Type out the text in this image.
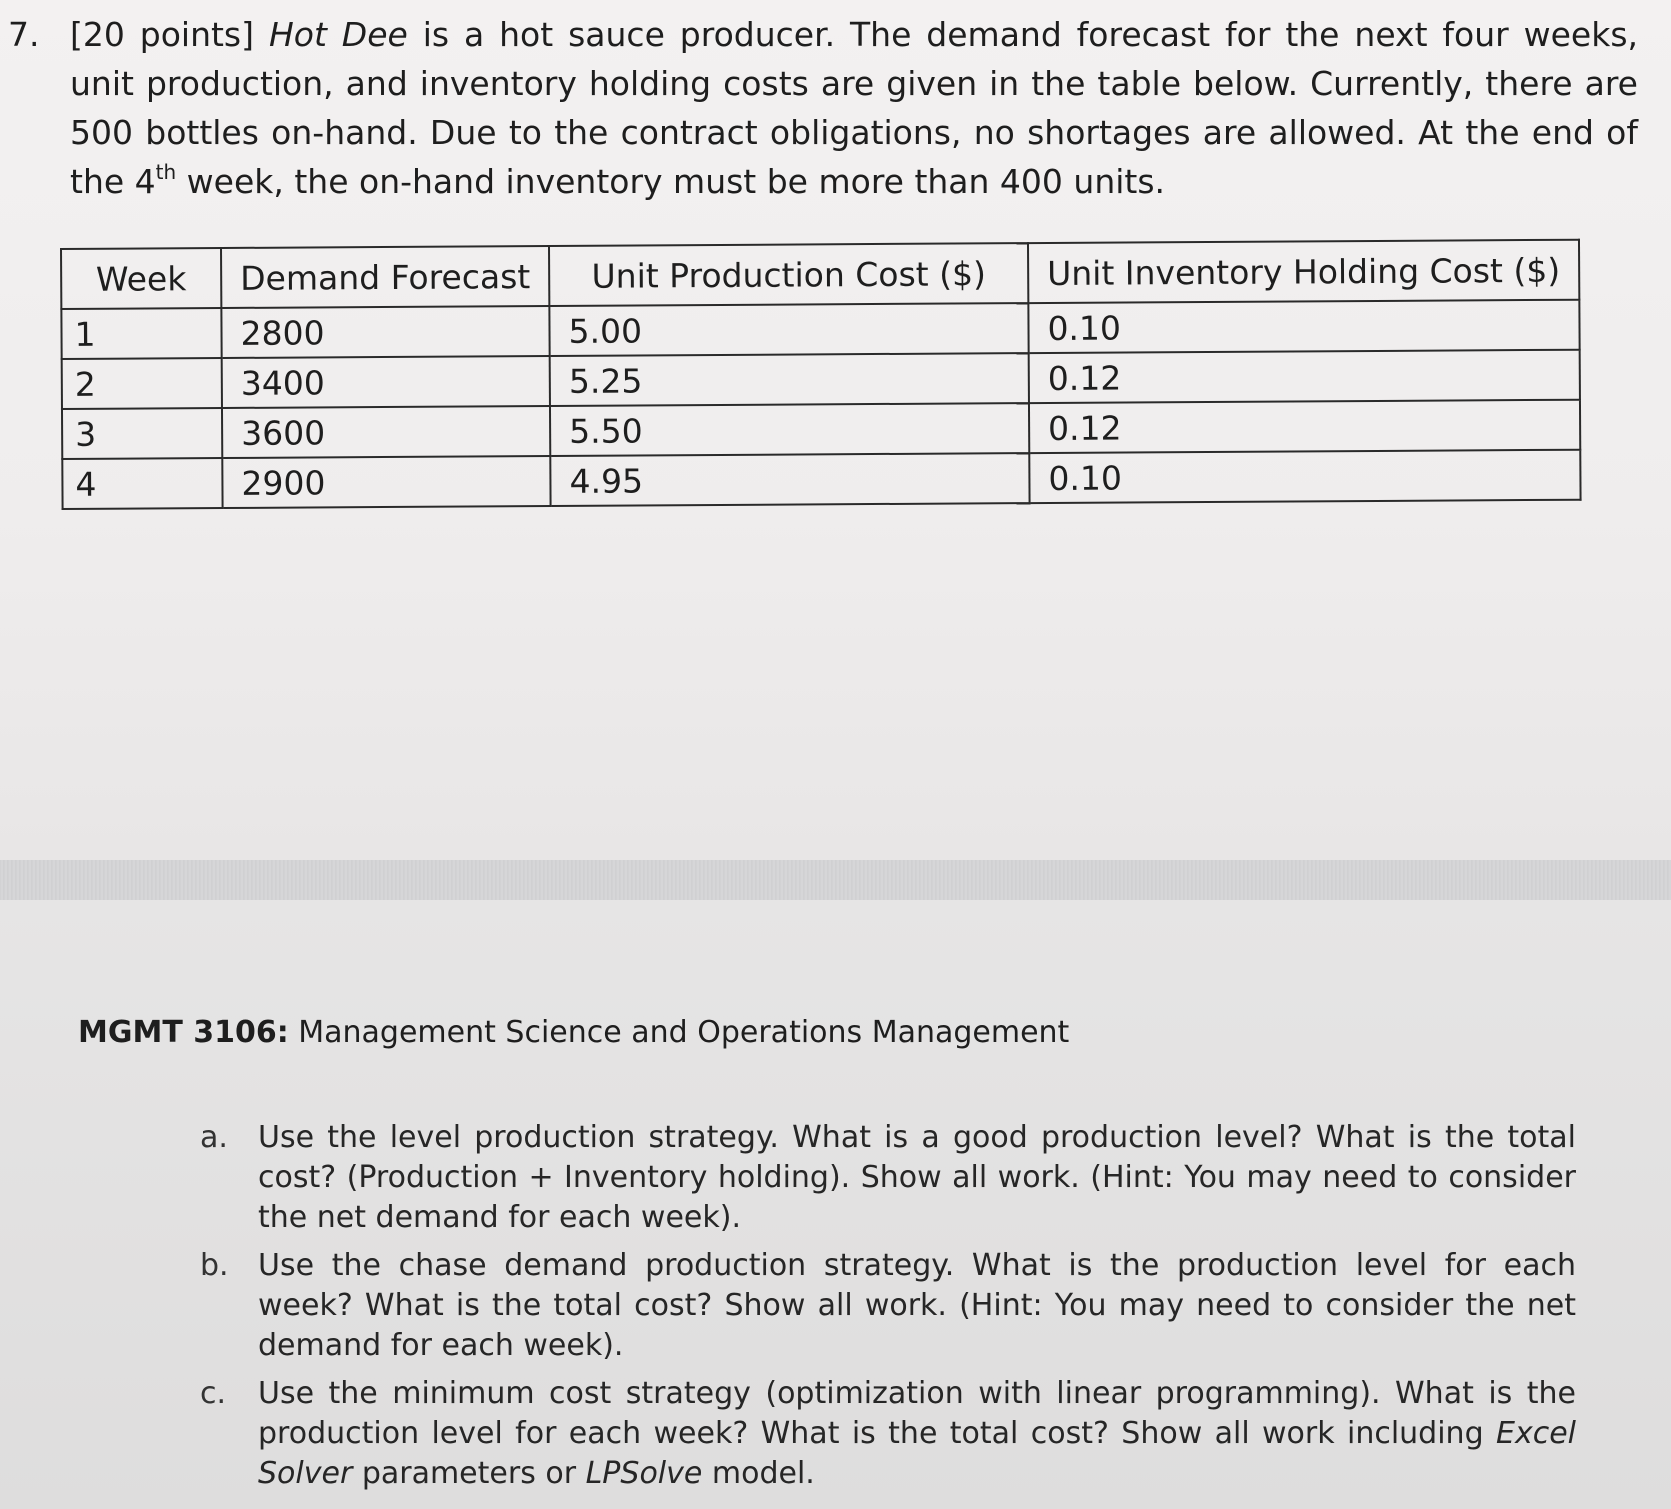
7. [20 points] Hot Dee is a hot sauce producer. The demand forecast for the next four weeks, unit production, and inventory holding costs are given in the table below. Currently, there are 500 bottles on-hand. Due to the contract obligations, no shortages are allowed. At the end of the 4th week, the on-hand inventory must be more than 400 units.
Week	Demand Forecast	Unit Production Cost ($)	Unit Inventory Holding Cost ($)
1	2800	5.00	0.10
2	3400	5.25	0.12
3	3600	5.50	0.12
4	2900	4.95	0.10
MGMT 3106: Management Science and Operations Management
a. Use the level production strategy. What is a good production level? What is the total cost? (Production + Inventory holding). Show all work. (Hint: You may need to consider the net demand for each week).
b. Use the chase demand production strategy. What is the production level for each week? What is the total cost? Show all work. (Hint: You may need to consider the net demand for each week).
c. Use the minimum cost strategy (optimization with linear programming). What is the production level for each week? What is the total cost? Show all work including Excel Solver parameters or LPSolve model.
